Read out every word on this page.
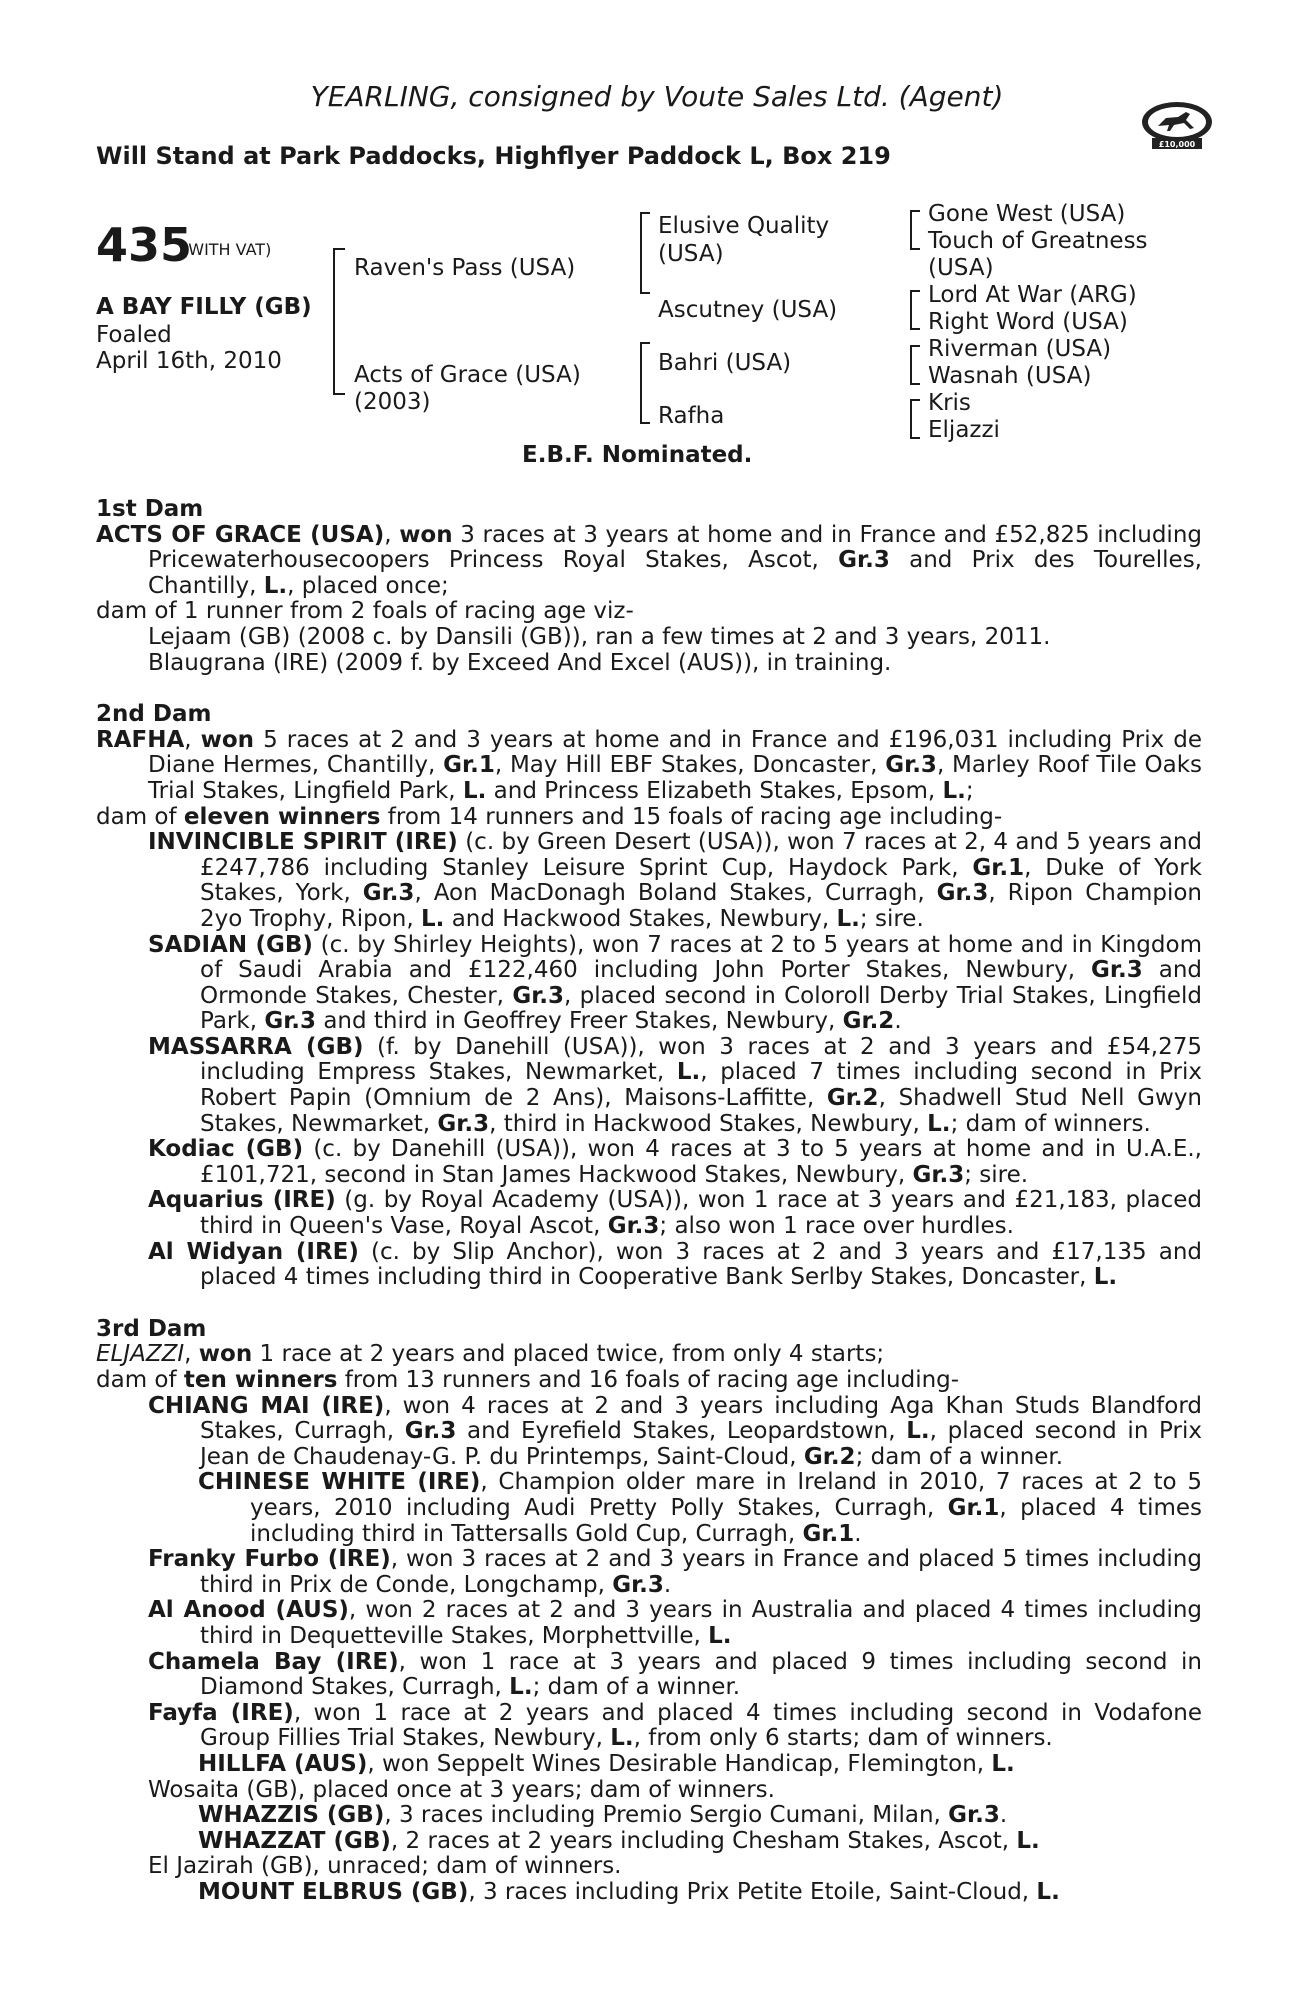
YEARLING, consigned by Voute Sales Ltd. (Agent)
Will Stand at Park Paddocks, Highflyer Paddock L, Box 219	£10,000
435
(WITH VAT)
A BAY FILLY (GB)
Foaled
April 16th, 2010
Raven's Pass (USA)
Acts of Grace (USA)
(2003)
Elusive Quality
(USA)
Ascutney (USA)
Bahri (USA)
Rafha
Gone West (USA)
Touch of Greatness
(USA)
Lord At War (ARG)
Right Word (USA)
Riverman (USA)
Wasnah (USA)
Kris
Eljazzi
E.B.F. Nominated.

1st Dam

ACTS OF GRACE (USA), won 3 races at 3 years at home and in France and £52,825 including Pricewaterhousecoopers Princess Royal Stakes, Ascot, Gr.3 and Prix des Tourelles, Chantilly, L., placed once;

dam of 1 runner from 2 foals of racing age viz-

Lejaam (GB) (2008 c. by Dansili (GB)), ran a few times at 2 and 3 years, 2011.

Blaugrana (IRE) (2009 f. by Exceed And Excel (AUS)), in training.

2nd Dam

RAFHA, won 5 races at 2 and 3 years at home and in France and £196,031 including Prix de Diane Hermes, Chantilly, Gr.1, May Hill EBF Stakes, Doncaster, Gr.3, Marley Roof Tile Oaks Trial Stakes, Lingfield Park, L. and Princess Elizabeth Stakes, Epsom, L.;

dam of eleven winners from 14 runners and 15 foals of racing age including-

INVINCIBLE SPIRIT (IRE) (c. by Green Desert (USA)), won 7 races at 2, 4 and 5 years and £247,786 including Stanley Leisure Sprint Cup, Haydock Park, Gr.1, Duke of York Stakes, York, Gr.3, Aon MacDonagh Boland Stakes, Curragh, Gr.3, Ripon Champion 2yo Trophy, Ripon, L. and Hackwood Stakes, Newbury, L.; sire.

SADIAN (GB) (c. by Shirley Heights), won 7 races at 2 to 5 years at home and in Kingdom of Saudi Arabia and £122,460 including John Porter Stakes, Newbury, Gr.3 and Ormonde Stakes, Chester, Gr.3, placed second in Coloroll Derby Trial Stakes, Lingfield Park, Gr.3 and third in Geoffrey Freer Stakes, Newbury, Gr.2.

MASSARRA (GB) (f. by Danehill (USA)), won 3 races at 2 and 3 years and £54,275 including Empress Stakes, Newmarket, L., placed 7 times including second in Prix Robert Papin (Omnium de 2 Ans), Maisons-Laffitte, Gr.2, Shadwell Stud Nell Gwyn Stakes, Newmarket, Gr.3, third in Hackwood Stakes, Newbury, L.; dam of winners.

Kodiac (GB) (c. by Danehill (USA)), won 4 races at 3 to 5 years at home and in U.A.E., £101,721, second in Stan James Hackwood Stakes, Newbury, Gr.3; sire.

Aquarius (IRE) (g. by Royal Academy (USA)), won 1 race at 3 years and £21,183, placed third in Queen's Vase, Royal Ascot, Gr.3; also won 1 race over hurdles.

Al Widyan (IRE) (c. by Slip Anchor), won 3 races at 2 and 3 years and £17,135 and placed 4 times including third in Cooperative Bank Serlby Stakes, Doncaster, L.

3rd Dam

ELJAZZI, won 1 race at 2 years and placed twice, from only 4 starts;

dam of ten winners from 13 runners and 16 foals of racing age including-

CHIANG MAI (IRE), won 4 races at 2 and 3 years including Aga Khan Studs Blandford Stakes, Curragh, Gr.3 and Eyrefield Stakes, Leopardstown, L., placed second in Prix Jean de Chaudenay-G. P. du Printemps, Saint-Cloud, Gr.2; dam of a winner.

CHINESE WHITE (IRE), Champion older mare in Ireland in 2010, 7 races at 2 to 5 years, 2010 including Audi Pretty Polly Stakes, Curragh, Gr.1, placed 4 times including third in Tattersalls Gold Cup, Curragh, Gr.1.

Franky Furbo (IRE), won 3 races at 2 and 3 years in France and placed 5 times including third in Prix de Conde, Longchamp, Gr.3.

Al Anood (AUS), won 2 races at 2 and 3 years in Australia and placed 4 times including third in Dequetteville Stakes, Morphettville, L.

Chamela Bay (IRE), won 1 race at 3 years and placed 9 times including second in Diamond Stakes, Curragh, L.; dam of a winner.

Fayfa (IRE), won 1 race at 2 years and placed 4 times including second in Vodafone Group Fillies Trial Stakes, Newbury, L., from only 6 starts; dam of winners.

HILLFA (AUS), won Seppelt Wines Desirable Handicap, Flemington, L.

Wosaita (GB), placed once at 3 years; dam of winners.

WHAZZIS (GB), 3 races including Premio Sergio Cumani, Milan, Gr.3.

WHAZZAT (GB), 2 races at 2 years including Chesham Stakes, Ascot, L.

El Jazirah (GB), unraced; dam of winners.

MOUNT ELBRUS (GB), 3 races including Prix Petite Etoile, Saint-Cloud, L.
